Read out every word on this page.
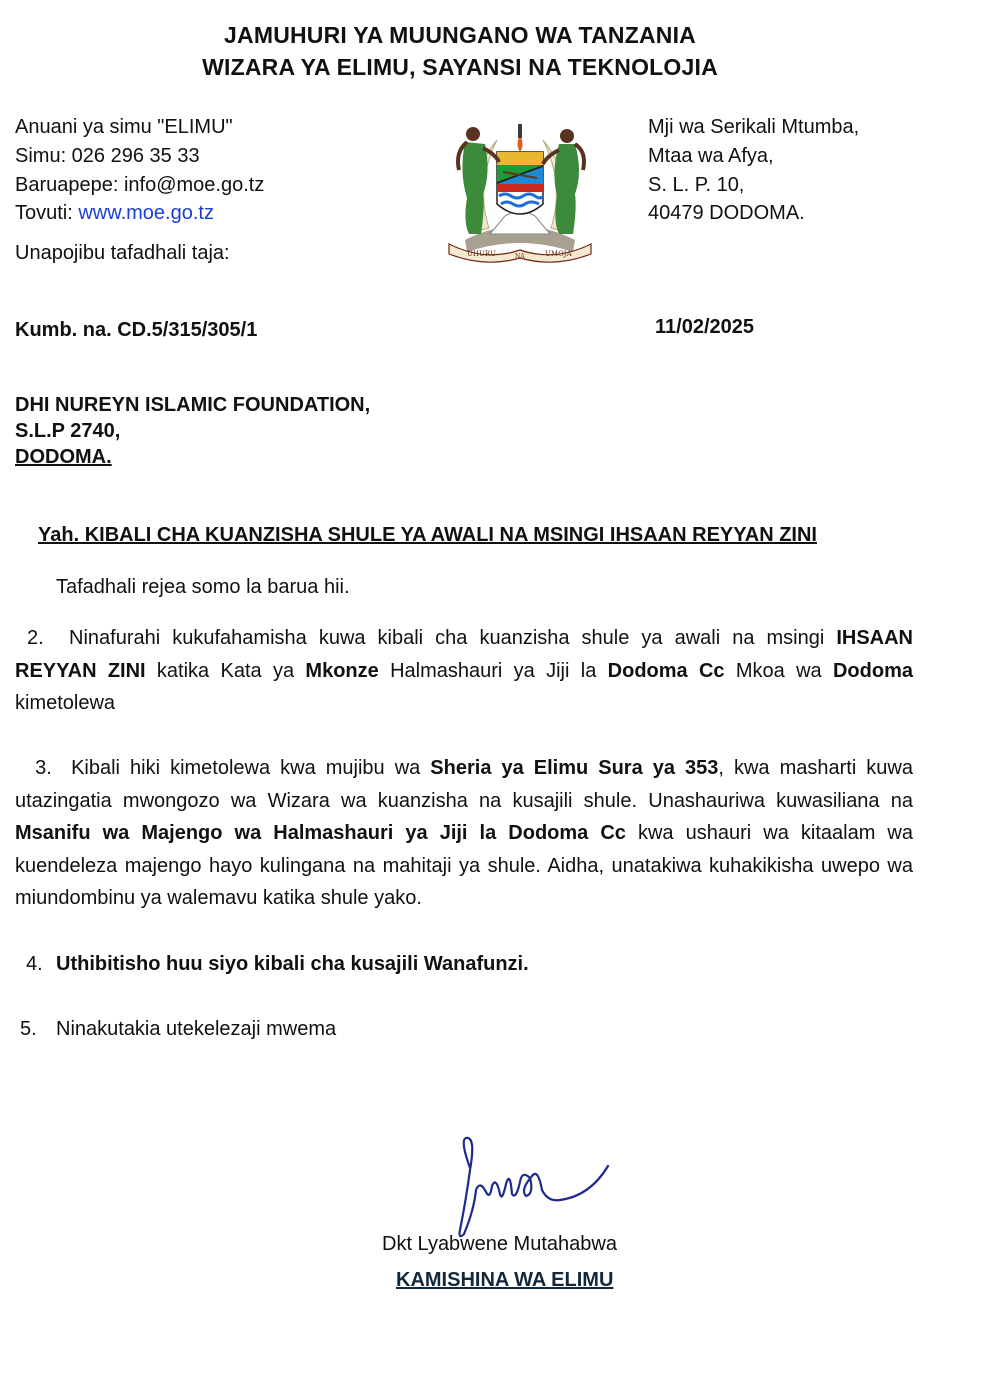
JAMUHURI YA MUUNGANO WA TANZANIA
WIZARA YA ELIMU, SAYANSI NA TEKNOLOJIA
Anuani ya simu "ELIMU"
Simu: 026 296 35 33
Baruapepe: info@moe.go.tz
Tovuti: www.moe.go.tz
Unapojibu tafadhali taja:	UHURU	NA	UMOJA
Mji wa Serikali Mtumba,
Mtaa wa Afya,
S. L. P. 10,
40479 DODOMA.
Kumb. na. CD.5/315/305/1	11/02/2025
DHI NUREYN ISLAMIC FOUNDATION,
S.L.P 2740,
DODOMA.
Yah. KIBALI CHA KUANZISHA SHULE YA AWALI NA MSINGI IHSAAN REYYAN ZINI
Tafadhali rejea somo la barua hii.
2. Ninafurahi kukufahamisha kuwa kibali cha kuanzisha shule ya awali na msingi IHSAAN REYYAN ZINI katika Kata ya Mkonze Halmashauri ya Jiji la Dodoma Cc Mkoa wa Dodoma kimetolewa
3. Kibali hiki kimetolewa kwa mujibu wa Sheria ya Elimu Sura ya 353, kwa masharti kuwa utazingatia mwongozo wa Wizara wa kuanzisha na kusajili shule. Unashauriwa kuwasiliana na Msanifu wa Majengo wa Halmashauri ya Jiji la Dodoma Cc kwa ushauri wa kitaalam wa kuendeleza majengo hayo kulingana na mahitaji ya shule. Aidha, unatakiwa kuhakikisha uwepo wa miundombinu ya walemavu katika shule yako.
4. Uthibitisho huu siyo kibali cha kusajili Wanafunzi.
5. Ninakutakia utekelezaji mwema
Dkt Lyabwene Mutahabwa
KAMISHINA WA ELIMU
